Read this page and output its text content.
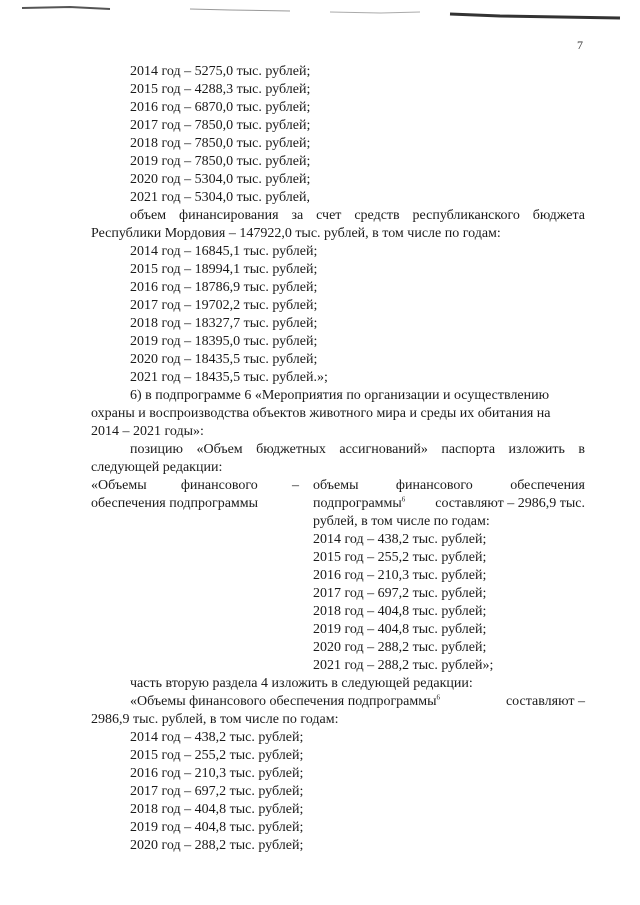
7
2014 год – 5275,0 тыс. рублей;
2015 год – 4288,3 тыс. рублей;
2016 год – 6870,0 тыс. рублей;
2017 год – 7850,0 тыс. рублей;
2018 год – 7850,0 тыс. рублей;
2019 год – 7850,0 тыс. рублей;
2020 год – 5304,0 тыс. рублей;
2021 год – 5304,0 тыс. рублей,
объем финансирования за счет средств республиканского бюджета
Республики Мордовия – 147922,0 тыс. рублей, в том числе по годам:
2014 год – 16845,1 тыс. рублей;
2015 год – 18994,1 тыс. рублей;
2016 год – 18786,9 тыс. рублей;
2017 год – 19702,2 тыс. рублей;
2018 год – 18327,7 тыс. рублей;
2019 год – 18395,0 тыс. рублей;
2020 год – 18435,5 тыс. рублей;
2021 год – 18435,5 тыс. рублей.»;
6) в подпрограмме 6 «Мероприятия по организации и осуществлению
охраны и воспроизводства объектов животного мира и среды их обитания на
2014 – 2021 годы»:
позицию «Объем бюджетных ассигнований» паспорта изложить в
следующей редакции:
«Объемы финансового –
обеспечения подпрограммы
объемы финансового обеспечения
подпрограммы$^6$ составляют – 2986,9 тыс.
рублей, в том числе по годам:
2014 год – 438,2 тыс. рублей;
2015 год – 255,2 тыс. рублей;
2016 год – 210,3 тыс. рублей;
2017 год – 697,2 тыс. рублей;
2018 год – 404,8 тыс. рублей;
2019 год – 404,8 тыс. рублей;
2020 год – 288,2 тыс. рублей;
2021 год – 288,2 тыс. рублей»;
часть вторую раздела 4 изложить в следующей редакции:
«Объемы финансового обеспечения подпрограммы$^6$	составляют –
2986,9 тыс. рублей, в том числе по годам:
2014 год – 438,2 тыс. рублей;
2015 год – 255,2 тыс. рублей;
2016 год – 210,3 тыс. рублей;
2017 год – 697,2 тыс. рублей;
2018 год – 404,8 тыс. рублей;
2019 год – 404,8 тыс. рублей;
2020 год – 288,2 тыс. рублей;
